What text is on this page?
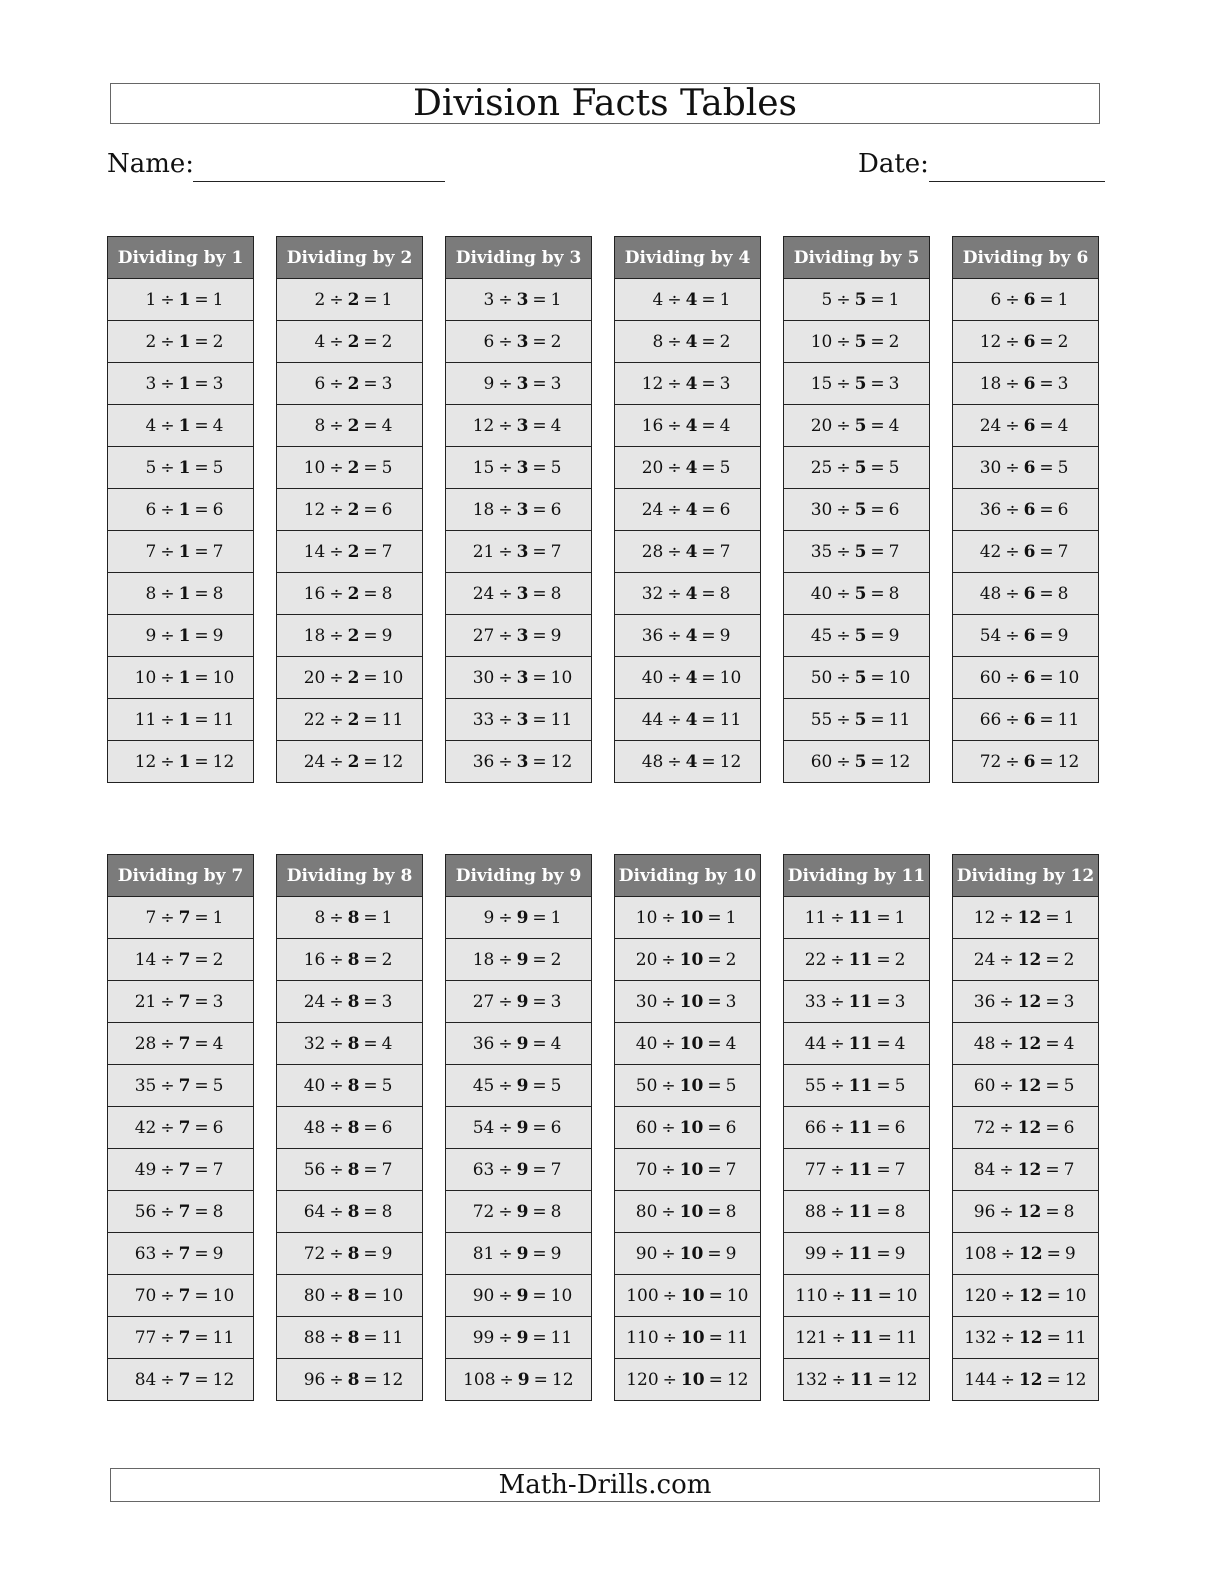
Division Facts Tables
Name:	Date:
Dividing by 1
1 ÷ 1 = 1
2 ÷ 1 = 2
3 ÷ 1 = 3
4 ÷ 1 = 4
5 ÷ 1 = 5
6 ÷ 1 = 6
7 ÷ 1 = 7
8 ÷ 1 = 8
9 ÷ 1 = 9
10 ÷ 1 = 10
11 ÷ 1 = 11
12 ÷ 1 = 12
Dividing by 2
2 ÷ 2 = 1
4 ÷ 2 = 2
6 ÷ 2 = 3
8 ÷ 2 = 4
10 ÷ 2 = 5
12 ÷ 2 = 6
14 ÷ 2 = 7
16 ÷ 2 = 8
18 ÷ 2 = 9
20 ÷ 2 = 10
22 ÷ 2 = 11
24 ÷ 2 = 12
Dividing by 3
3 ÷ 3 = 1
6 ÷ 3 = 2
9 ÷ 3 = 3
12 ÷ 3 = 4
15 ÷ 3 = 5
18 ÷ 3 = 6
21 ÷ 3 = 7
24 ÷ 3 = 8
27 ÷ 3 = 9
30 ÷ 3 = 10
33 ÷ 3 = 11
36 ÷ 3 = 12
Dividing by 4
4 ÷ 4 = 1
8 ÷ 4 = 2
12 ÷ 4 = 3
16 ÷ 4 = 4
20 ÷ 4 = 5
24 ÷ 4 = 6
28 ÷ 4 = 7
32 ÷ 4 = 8
36 ÷ 4 = 9
40 ÷ 4 = 10
44 ÷ 4 = 11
48 ÷ 4 = 12
Dividing by 5
5 ÷ 5 = 1
10 ÷ 5 = 2
15 ÷ 5 = 3
20 ÷ 5 = 4
25 ÷ 5 = 5
30 ÷ 5 = 6
35 ÷ 5 = 7
40 ÷ 5 = 8
45 ÷ 5 = 9
50 ÷ 5 = 10
55 ÷ 5 = 11
60 ÷ 5 = 12
Dividing by 6
6 ÷ 6 = 1
12 ÷ 6 = 2
18 ÷ 6 = 3
24 ÷ 6 = 4
30 ÷ 6 = 5
36 ÷ 6 = 6
42 ÷ 6 = 7
48 ÷ 6 = 8
54 ÷ 6 = 9
60 ÷ 6 = 10
66 ÷ 6 = 11
72 ÷ 6 = 12
Dividing by 7
7 ÷ 7 = 1
14 ÷ 7 = 2
21 ÷ 7 = 3
28 ÷ 7 = 4
35 ÷ 7 = 5
42 ÷ 7 = 6
49 ÷ 7 = 7
56 ÷ 7 = 8
63 ÷ 7 = 9
70 ÷ 7 = 10
77 ÷ 7 = 11
84 ÷ 7 = 12
Dividing by 8
8 ÷ 8 = 1
16 ÷ 8 = 2
24 ÷ 8 = 3
32 ÷ 8 = 4
40 ÷ 8 = 5
48 ÷ 8 = 6
56 ÷ 8 = 7
64 ÷ 8 = 8
72 ÷ 8 = 9
80 ÷ 8 = 10
88 ÷ 8 = 11
96 ÷ 8 = 12
Dividing by 9
9 ÷ 9 = 1
18 ÷ 9 = 2
27 ÷ 9 = 3
36 ÷ 9 = 4
45 ÷ 9 = 5
54 ÷ 9 = 6
63 ÷ 9 = 7
72 ÷ 9 = 8
81 ÷ 9 = 9
90 ÷ 9 = 10
99 ÷ 9 = 11
108 ÷ 9 = 12
Dividing by 10
10 ÷ 10 = 1
20 ÷ 10 = 2
30 ÷ 10 = 3
40 ÷ 10 = 4
50 ÷ 10 = 5
60 ÷ 10 = 6
70 ÷ 10 = 7
80 ÷ 10 = 8
90 ÷ 10 = 9
100 ÷ 10 = 10
110 ÷ 10 = 11
120 ÷ 10 = 12
Dividing by 11
11 ÷ 11 = 1
22 ÷ 11 = 2
33 ÷ 11 = 3
44 ÷ 11 = 4
55 ÷ 11 = 5
66 ÷ 11 = 6
77 ÷ 11 = 7
88 ÷ 11 = 8
99 ÷ 11 = 9
110 ÷ 11 = 10
121 ÷ 11 = 11
132 ÷ 11 = 12
Dividing by 12
12 ÷ 12 = 1
24 ÷ 12 = 2
36 ÷ 12 = 3
48 ÷ 12 = 4
60 ÷ 12 = 5
72 ÷ 12 = 6
84 ÷ 12 = 7
96 ÷ 12 = 8
108 ÷ 12 = 9
120 ÷ 12 = 10
132 ÷ 12 = 11
144 ÷ 12 = 12
Math-Drills.com
